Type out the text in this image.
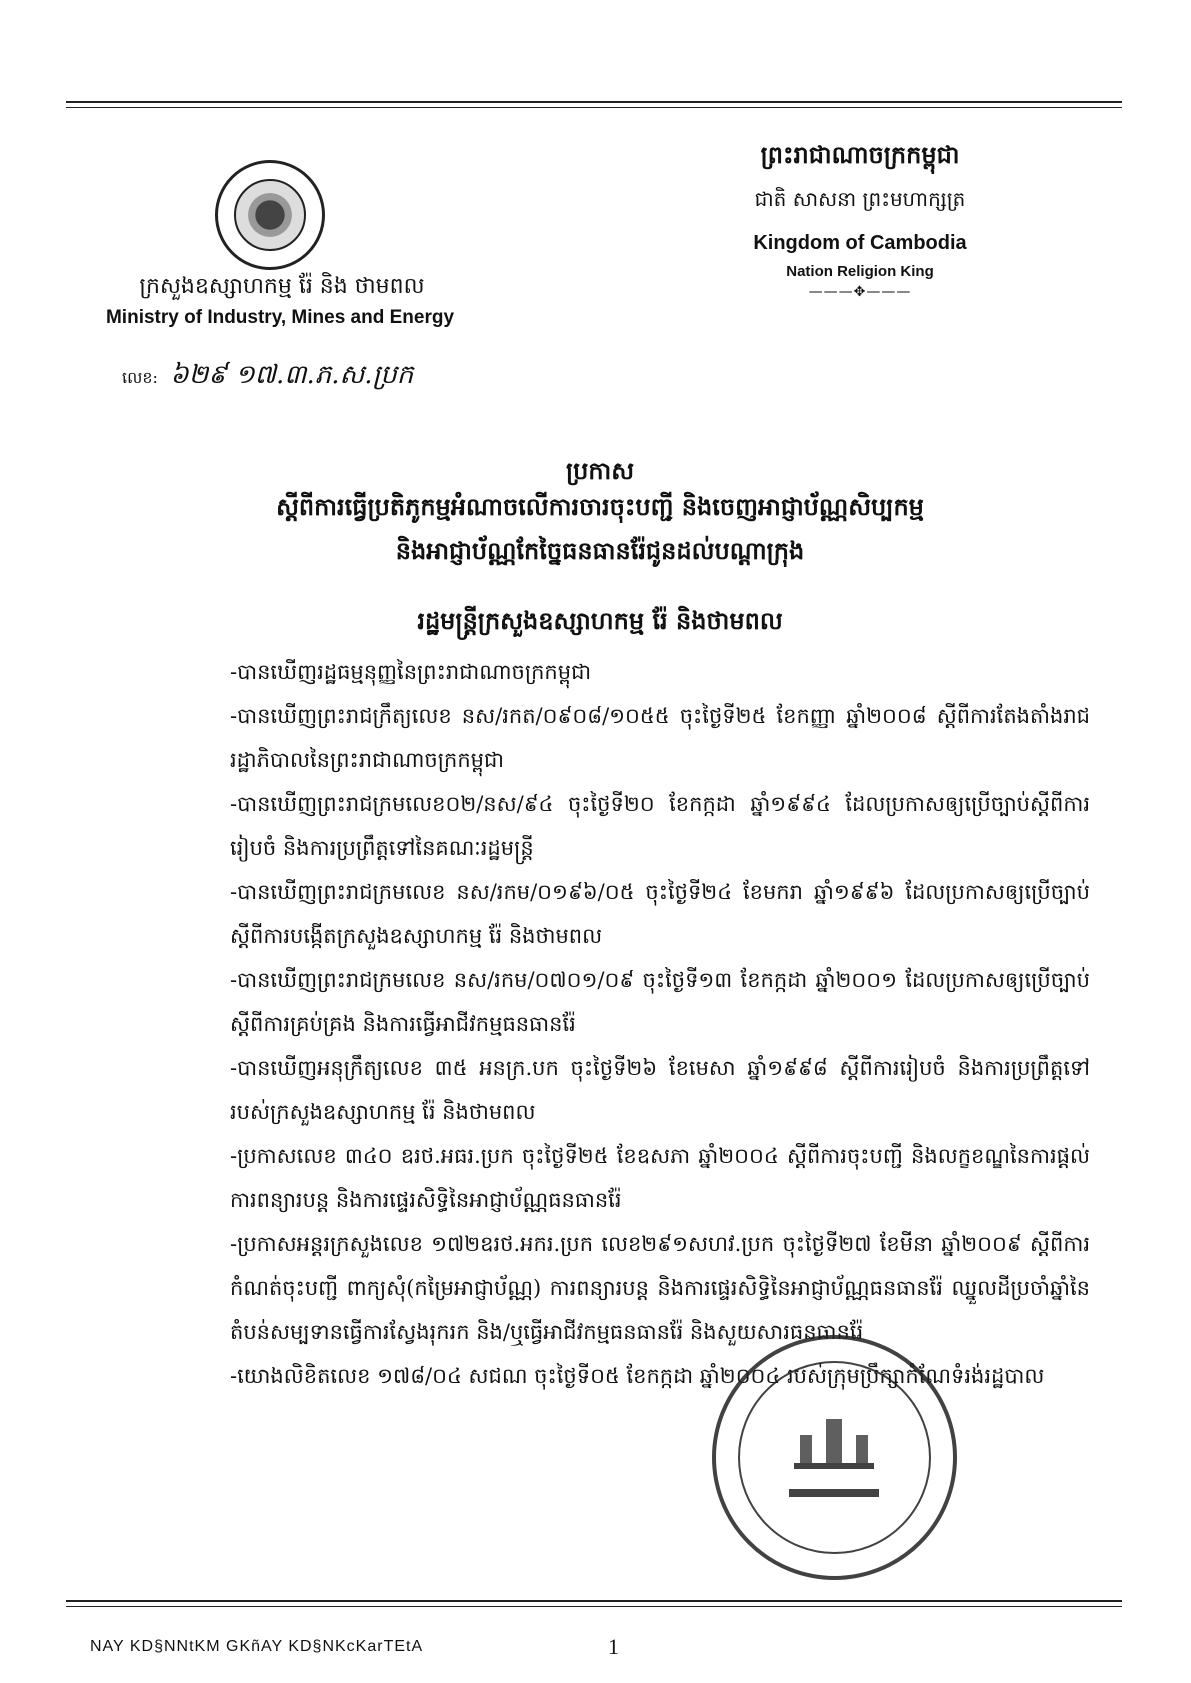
ក្រសួងឧស្សាហកម្ម រ៉ែ និង ថាមពល
Ministry of Industry, Mines and Energy
លេខ: ៦២៩ ១៧.៣.ភ.ស.ប្រក
ព្រះរាជាណាចក្រកម្ពុជា
ជាតិ សាសនា ព្រះមហាក្សត្រ
Kingdom of Cambodia
Nation Religion King
———✥———
ប្រកាស
ស្តីពីការធ្វើប្រតិភូកម្មអំណាចលើការចារចុះបញ្ជី និងចេញអាជ្ញាប័ណ្ណសិប្បកម្ម
និងអាជ្ញាប័ណ្ណកែច្នៃធនធានរ៉ែជូនដល់បណ្ដាក្រុង
រដ្ឋមន្ត្រីក្រសួងឧស្សាហកម្ម រ៉ែ និងថាមពល

-បានឃើញរដ្ឋធម្មនុញ្ញនៃព្រះរាជាណាចក្រកម្ពុជា

-បានឃើញព្រះរាជក្រឹត្យលេខ នស/រកត/០៩០៨/១០៥៥ ចុះថ្ងៃទី២៥ ខែកញ្ញា ឆ្នាំ២០០៨ ស្តីពីការតែងតាំងរាជរដ្ឋាភិបាលនៃព្រះរាជាណាចក្រកម្ពុជា

-បានឃើញព្រះរាជក្រមលេខ០២/នស/៩៤ ចុះថ្ងៃទី២០ ខែកក្កដា ឆ្នាំ១៩៩៤ ដែលប្រកាសឲ្យប្រើច្បាប់ស្តីពីការរៀបចំ និងការប្រព្រឹត្តទៅនៃគណៈរដ្ឋមន្ត្រី

-បានឃើញព្រះរាជក្រមលេខ នស/រកម/០១៩៦/០៥ ចុះថ្ងៃទី២៤ ខែមករា ឆ្នាំ១៩៩៦ ដែលប្រកាសឲ្យប្រើច្បាប់ស្តីពីការបង្កើតក្រសួងឧស្សាហកម្ម រ៉ែ និងថាមពល

-បានឃើញព្រះរាជក្រមលេខ នស/រកម/០៧០១/០៩ ចុះថ្ងៃទី១៣ ខែកក្កដា ឆ្នាំ២០០១ ដែលប្រកាសឲ្យប្រើច្បាប់ស្តីពីការគ្រប់គ្រង និងការធ្វើអាជីវកម្មធនធានរ៉ែ

-បានឃើញអនុក្រឹត្យលេខ ៣៥ អនក្រ.បក ចុះថ្ងៃទី២៦ ខែមេសា ឆ្នាំ១៩៩៨ ស្តីពីការរៀបចំ និងការប្រព្រឹត្តទៅរបស់ក្រសួងឧស្សាហកម្ម រ៉ែ និងថាមពល

-ប្រកាសលេខ ៣៤០ ឧរថ.អធរ.ប្រក ចុះថ្ងៃទី២៥ ខែឧសភា ឆ្នាំ២០០៤ ស្តីពីការចុះបញ្ជី និងលក្ខខណ្ឌនៃការផ្ដល់ការពន្យារបន្ត និងការផ្ទេរសិទ្ធិនៃអាជ្ញាប័ណ្ណធនធានរ៉ែ

-ប្រកាសអន្តរក្រសួងលេខ ១៧២ឧរថ.អករ.ប្រក លេខ២៩១សហវ.ប្រក ចុះថ្ងៃទី២៧ ខែមីនា ឆ្នាំ២០០៩ ស្តីពីការកំណត់ចុះបញ្ជី ពាក្យសុំ(កម្រៃអាជ្ញាប័ណ្ណ) ការពន្យារបន្ត និងការផ្ទេរសិទ្ធិនៃអាជ្ញាប័ណ្ណធនធានរ៉ែ ឈ្នួលដីប្រចាំឆ្នាំនៃតំបន់សម្បទានធ្វើការស្វែងរុករក និង/ឬធ្វើអាជីវកម្មធនធានរ៉ែ និងសួយសារធនធានរ៉ែ

-យោងលិខិតលេខ ១៧៨/០៤ សជណ ចុះថ្ងៃទី០៥ ខែកក្កដា ឆ្នាំ២០០៤ របស់ក្រុមប្រឹក្សាកំណែទំរង់រដ្ឋបាល

NAY KD§NNtKM GKñAY KD§NKcKarTEtA	1
